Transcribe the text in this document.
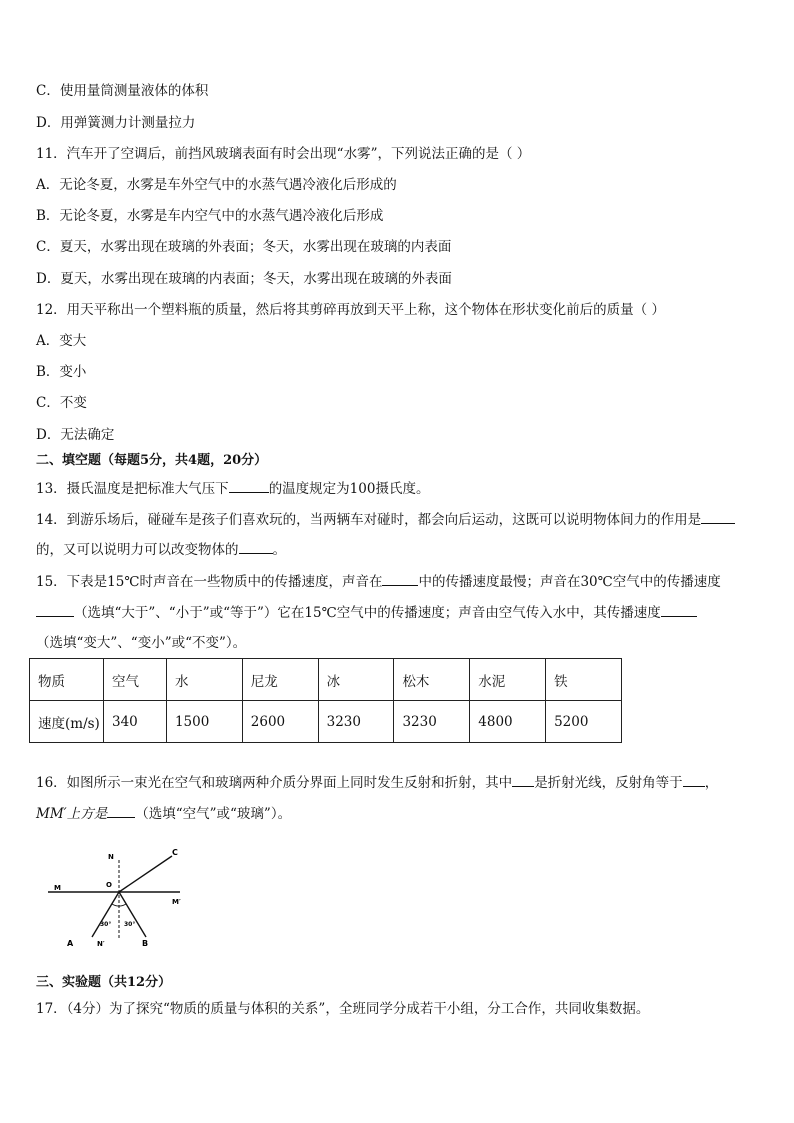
C．使用量筒测量液体的体积
D．用弹簧测力计测量拉力
11．汽车开了空调后，前挡风玻璃表面有时会出现“水雾”，下列说法正确的是（ ）
A．无论冬夏，水雾是车外空气中的水蒸气遇冷液化后形成的
B．无论冬夏，水雾是车内空气中的水蒸气遇冷液化后形成
C．夏天，水雾出现在玻璃的外表面；冬天，水雾出现在玻璃的内表面
D．夏天，水雾出现在玻璃的内表面；冬天，水雾出现在玻璃的外表面
12．用天平称出一个塑料瓶的质量，然后将其剪碎再放到天平上称，这个物体在形状变化前后的质量（ ）
A．变大
B．变小
C．不变
D．无法确定
二、填空题（每题5分，共4题，20分）
13．摄氏温度是把标准大气压下	的温度规定为100摄氏度。
14．到游乐场后，碰碰车是孩子们喜欢玩的，当两辆车对碰时，都会向后运动，这既可以说明物体间力的作用是
的，又可以说明力可以改变物体的	。
15．下表是15℃时声音在一些物质中的传播速度，声音在	中的传播速度最慢；声音在30℃空气中的传播速度
（选填“大于”、“小于”或“等于”）它在15℃空气中的传播速度；声音由空气传入水中，其传播速度
（选填“变大”、“变小”或“不变”）。
物质	空气	水	尼龙	冰	松木	水泥	铁
速度(m/s)	340	1500	2600	3230	3230	4800	5200
16．如图所示一束光在空气和玻璃两种介质分界面上同时发生反射和折射，其中 是折射光线，反射角等于 ，
MM′上方是 （选填“空气”或“玻璃”）。
N	C
M	O
M′
A	N′	B
30° 30°
三、实验题（共12分）
17．（4分）为了探究“物质的质量与体积的关系”，全班同学分成若干小组，分工合作，共同收集数据。
